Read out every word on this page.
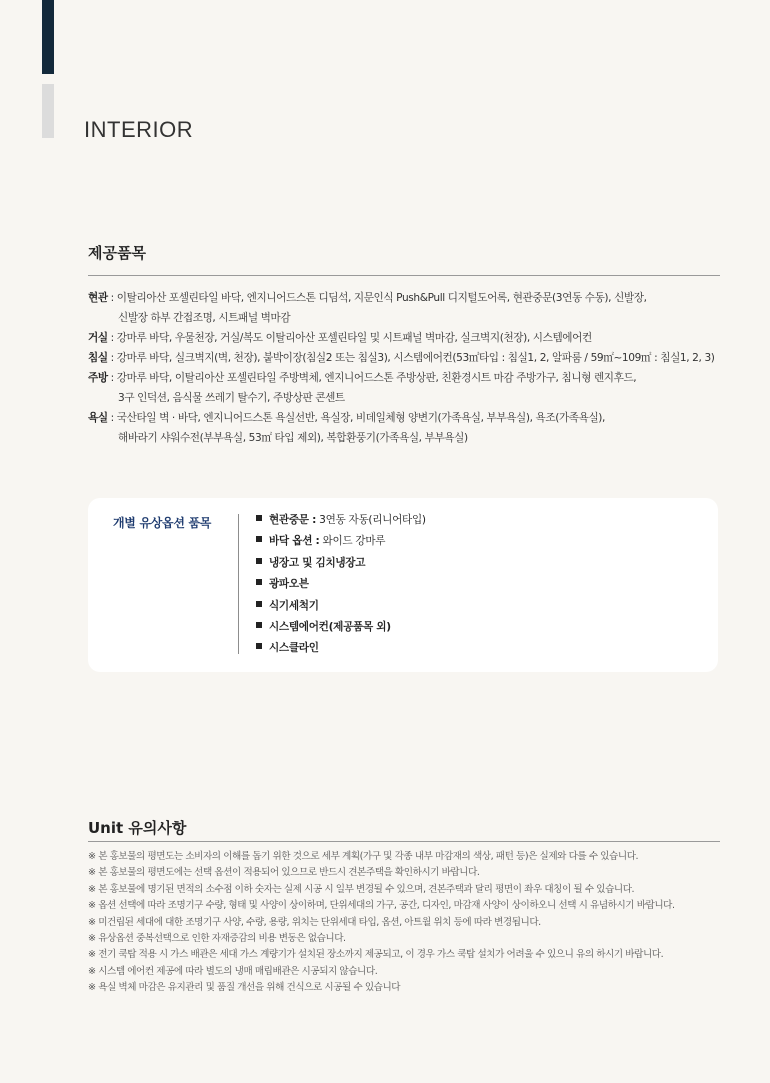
INTERIOR
제공품목
현관 : 이탈리아산 포셀린타일 바닥, 엔지니어드스톤 디딤석, 지문인식 Push&Pull 디지털도어록, 현관중문(3연동 수동), 신발장,
신발장 하부 간접조명, 시트패널 벽마감
거실 : 강마루 바닥, 우물천장, 거실/복도 이탈리아산 포셀린타일 및 시트패널 벽마감, 실크벽지(천장), 시스템에어컨
침실 : 강마루 바닥, 실크벽지(벽, 천장), 붙박이장(침실2 또는 침실3), 시스템에어컨(53㎡타입 : 침실1, 2, 알파룸 / 59㎡~109㎡ : 침실1, 2, 3)
주방 : 강마루 바닥, 이탈리아산 포셀린타일 주방벽체, 엔지니어드스톤 주방상판, 친환경시트 마감 주방가구, 침니형 렌지후드,
3구 인덕션, 음식물 쓰레기 탈수기, 주방상판 콘센트
욕실 : 국산타일 벽 · 바닥, 엔지니어드스톤 욕실선반, 욕실장, 비데일체형 양변기(가족욕실, 부부욕실), 욕조(가족욕실),
해바라기 샤워수전(부부욕실, 53㎡ 타입 제외), 복합환풍기(가족욕실, 부부욕실)
개별 유상옵션 품목	현관중문 : 3연동 자동(리니어타입)
바닥 옵션 : 와이드 강마루
냉장고 및 김치냉장고
광파오븐
식기세척기
시스템에어컨(제공품목 외)
시스클라인
Unit 유의사항
※ 본 홍보물의 평면도는 소비자의 이해를 돕기 위한 것으로 세부 계획(가구 및 각종 내부 마감재의 색상, 패턴 등)은 실제와 다를 수 있습니다.
※ 본 홍보물의 평면도에는 선택 옵션이 적용되어 있으므로 반드시 견본주택을 확인하시기 바랍니다.
※ 본 홍보물에 명기된 면적의 소수점 이하 숫자는 실제 시공 시 일부 변경될 수 있으며, 견본주택과 달리 평면이 좌우 대칭이 될 수 있습니다.
※ 옵션 선택에 따라 조명기구 수량, 형태 및 사양이 상이하며, 단위세대의 가구, 공간, 디자인, 마감재 사양이 상이하오니 선택 시 유념하시기 바랍니다.
※ 미건립된 세대에 대한 조명기구 사양, 수량, 용량, 위치는 단위세대 타입, 옵션, 아트월 위치 등에 따라 변경됩니다.
※ 유상옵션 중복선택으로 인한 자재증감의 비용 변동은 없습니다.
※ 전기 쿡탑 적용 시 가스 배관은 세대 가스 계량기가 설치된 장소까지 제공되고, 이 경우 가스 쿡탑 설치가 어려울 수 있으니 유의 하시기 바랍니다.
※ 시스템 에어컨 제공에 따라 별도의 냉매 매립배관은 시공되지 않습니다.
※ 욕실 벽체 마감은 유지관리 및 품질 개선을 위해 건식으로 시공될 수 있습니다
